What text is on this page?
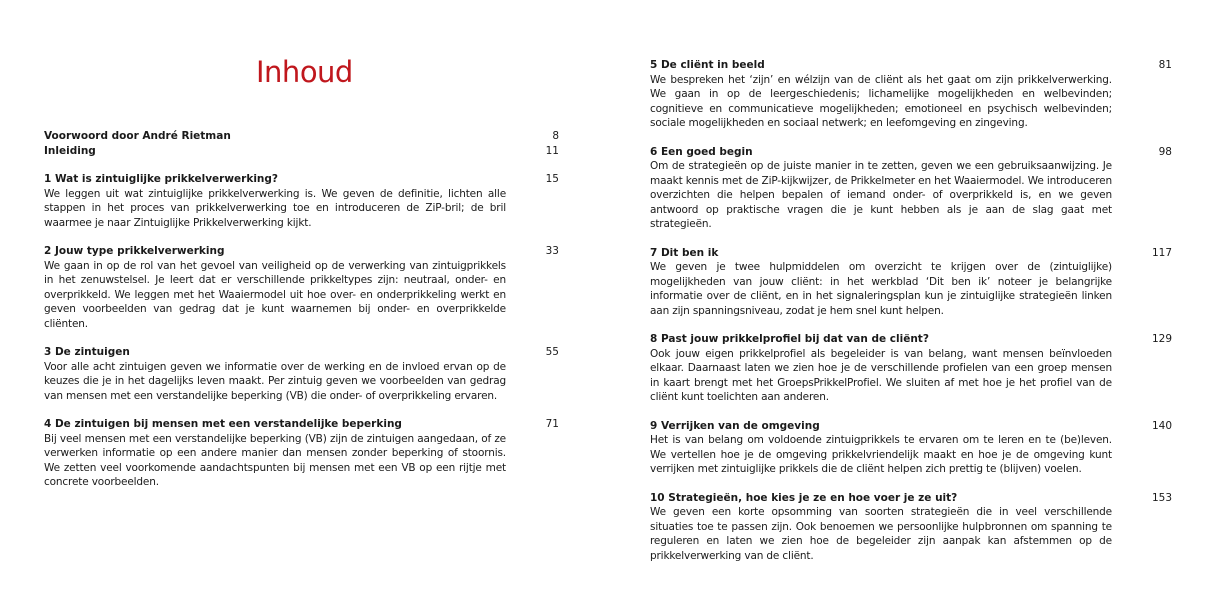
Inhoud
Voorwoord door André Rietman	8
Inleiding	11
1 Wat is zintuiglijke prikkelverwerking?	15

We leggen uit wat zintuiglijke prikkelverwerking is. We geven de definitie, lichten alle stappen in het proces van prikkelverwerking toe en introduceren de ZiP-bril; de bril waarmee je naar Zintuiglijke Prikkelverwerking kijkt.

2 Jouw type prikkelverwerking	33

We gaan in op de rol van het gevoel van veiligheid op de verwerking van zintuigprikkels in het zenuwstelsel. Je leert dat er verschillende prikkeltypes zijn: neutraal, onder- en overprikkeld. We leggen met het Waaiermodel uit hoe over- en onderprikkeling werkt en geven voorbeelden van gedrag dat je kunt waarnemen bij onder- en overprikkelde cliënten.

3 De zintuigen	55

Voor alle acht zintuigen geven we informatie over de werking en de invloed ervan op de keuzes die je in het dagelijks leven maakt. Per zintuig geven we voorbeelden van gedrag van mensen met een verstandelijke beperking (VB) die onder- of overprikkeling ervaren.

4 De zintuigen bij mensen met een verstandelijke beperking	71

Bij veel mensen met een verstandelijke beperking (VB) zijn de zintuigen aangedaan, of ze verwerken informatie op een andere manier dan mensen zonder beperking of stoornis. We zetten veel voorkomende aandachtspunten bij mensen met een VB op een rijtje met concrete voorbeelden.

5 De cliënt in beeld	81

We bespreken het ‘zijn’ en wélzijn van de cliënt als het gaat om zijn prikkelverwerking. We gaan in op de leergeschiedenis; lichamelijke mogelijkheden en welbevinden; cognitieve en communicatieve mogelijkheden; emotioneel en psychisch welbevinden; sociale mogelijkheden en sociaal netwerk; en leefomgeving en zingeving.

6 Een goed begin	98

Om de strategieën op de juiste manier in te zetten, geven we een gebruiksaanwijzing. Je maakt kennis met de ZiP-kijkwijzer, de Prikkelmeter en het Waaiermodel. We introduceren overzichten die helpen bepalen of iemand onder- of overprikkeld is, en we geven antwoord op praktische vragen die je kunt hebben als je aan de slag gaat met strategieën.

7 Dit ben ik	117

We geven je twee hulpmiddelen om overzicht te krijgen over de (zintuiglijke) mogelijkheden van jouw cliënt: in het werkblad ‘Dit ben ik’ noteer je belangrijke informatie over de cliënt, en in het signaleringsplan kun je zintuiglijke strategieën linken aan zijn spanningsniveau, zodat je hem snel kunt helpen.

8 Past jouw prikkelprofiel bij dat van de cliënt?	129

Ook jouw eigen prikkelprofiel als begeleider is van belang, want mensen beïnvloeden elkaar. Daarnaast laten we zien hoe je de verschillende profielen van een groep mensen in kaart brengt met het GroepsPrikkelProfiel. We sluiten af met hoe je het profiel van de cliënt kunt toelichten aan anderen.

9 Verrijken van de omgeving	140

Het is van belang om voldoende zintuigprikkels te ervaren om te leren en te (be)leven. We vertellen hoe je de omgeving prikkelvriendelijk maakt en hoe je de omgeving kunt verrijken met zintuiglijke prikkels die de cliënt helpen zich prettig te (blijven) voelen.

10 Strategieën, hoe kies je ze en hoe voer je ze uit?	153

We geven een korte opsomming van soorten strategieën die in veel verschillende situaties toe te passen zijn. Ook benoemen we persoonlijke hulpbronnen om spanning te reguleren en laten we zien hoe de begeleider zijn aanpak kan afstemmen op de prikkelverwerking van de cliënt.
